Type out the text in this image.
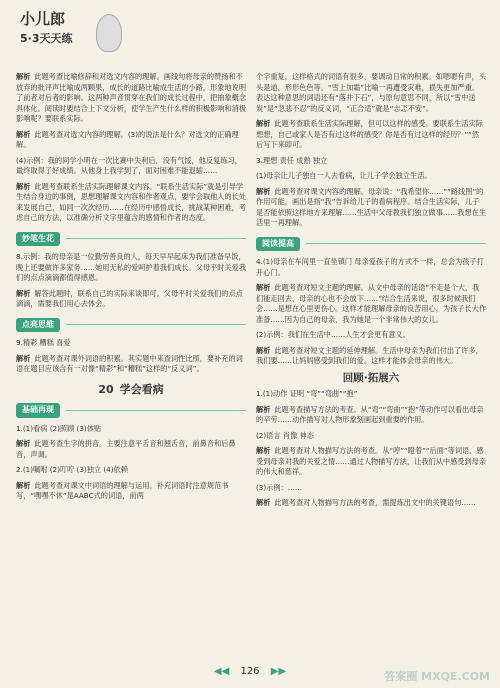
小儿郎
5·3天天练
解析 此题考查比喻修辞和对选文内容的理解。画线句将母亲的赞扬和不放弃的批评声比喻成两颗果，成长的道路比喻成生活的小路，形象地说明了前者对后者的影响。这两种声音贯穿在我们的成长过程中，把抽象概念具体化。阅读时要结合上下文分析，使学生产生什么样的积极影响和消极影响呢？要联系实际。
解析 此题考查对选文内容的理解。(3)的说法是什么？对选文的正确理解。
(4)示例：我的同学小明在一次比赛中失利后，没有气馁，他反复练习，最终取得了好成绩。从他身上我学到了，面对困难不能退缩……
解析 此题考查联系生活实际理解课文内容。“联系生活实际”就是引导学生结合身边的事例，思想理解课文内容和作者观点，要学会取他人的长处来发展自己，如同一次次经历……在经历中感悟成长，挑战某种困难，考虑自己的方法，以准确分析文字里蕴含的感情和作者的态度。
妙笔生花
8.示例：我的母亲是一位勤劳善良的人，每天早早起床为我们准备早饭，晚上还要做许多家务……她用无私的爱呵护着我们成长。父母平时关爱我们的点点滴滴都值得感恩。
解析 解答此题时，联系自己的实际来谈即可。父母平时关爱我们的点点滴滴，需要我们用心去体会。
点亮思维
9.精彩 糟糕 喜爱
解析 此题考查对课外词语的积累。其实题中来查词性比照，要补充的词语在题目应该含有一对像“精彩”和“糟糕”这样的“反义词”。
20 学会看病
基础再现
1.(1)看病 (2)照顾 (3)体贴
解析 此题考查生字的拼音。主要注意平舌音和翘舌音，前鼻音和后鼻音，声调。
2.(1)嘱咐 (2)叮咛 (3)独立 (4)依赖
解析 此题考查对课文中词语的理解与运用。补充词语时注意规范书写，“嘿嘿不休”是AABC式的词语，前两
个字重复，这样格式的词语有很多，要调动日常的积累。如嗯嗯有声，头头是道，形形色色等。“雪上加霜”比喻一再遭受灾难，损失更加严重。表达这种意思的词语还有“落井下石”，与原句意思不同，所以“雪中送炭”是“忽悲不忍”的反义词，“正合适”就是“忐忑不安”。
解析 此题考查联系生活实际理解，但可以这样的感受。要联系生活实际想想，自己或家人是否有过这样的感受？你是否有过这样的经历？”“然后写下来即可。
3.理想 责任 成熟 独立
(1)母亲让儿子独自一人去看病，让儿子学会独立生活。
解析 此题考查对课文内容的理解。母亲说：“我希望你……”“路线图”的作用可能，画出是指“我”告诉给儿子的看病程序。结合生活实际，儿子是否能依照这样地方来理解……生活中父母教我们独立做事……我想在生活里一再理解。
阅读提高
4.(1)母亲在车间里一直坐镇门 母亲爱孩子的方式不一样，总会为孩子打开心门。
解析 此题考查对短文主题的理解。从文中母亲的话语“不走是个大，我们能走回去，母亲的心也不会放下……”结合生活来说，很多时候我们会……是想在心里更伤心。这样才能理解母亲的良苦用心，为孩子长大作准备……因为自己的母亲，我为她是一个非常伟大的女儿。
(2)示例：我们在生活中……人生才会更有意义。
解析 此题考查对短文主题的延伸理解。生活中母亲为我们付出了许多，我们要……让妈妈感受到我们的爱。这样才能体会母亲的伟大。
回顾·拓展六
1.(1)动作 证明 “弯”“弯曲”“抱”
解析 此题考查描写方法的考查。从“弯”“弯曲”“抱”等动作可以看出母亲的辛劳……动作描写对人物形象刻画起到重要的作用。
(2)语言 肖像 神态
解析 此题考查对人物描写方法的考查。从“哼”“瞪着”“后面”等词语，感受到母亲对我的关爱之情……通过人物描写方法，让我们从中感受到母亲的伟大和慈祥。
(3)示例：……
解析 此题考查对人物描写方法的考查，需提炼出文中的关键语句……
◀◀ 126 ▶▶	答案圈 MXQE.COM
